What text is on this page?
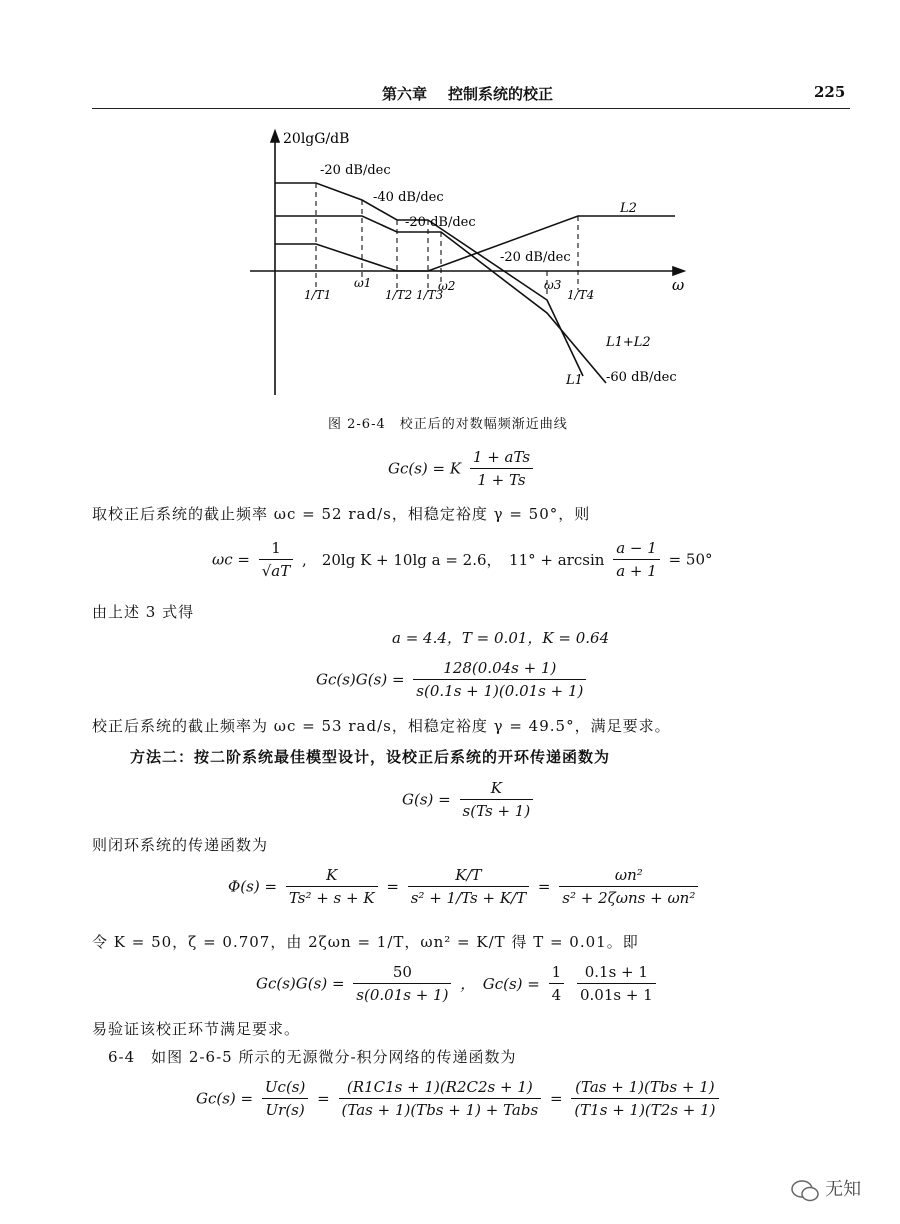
第六章 控制系统的校正	225
20lgG/dB
ω
-20 dB/dec
-40 dB/dec
-20 dB/dec
-20 dB/dec
-60 dB/dec
L2
L1+L2
L1
1/T1
ω1
1/T2 1/T3
ω2	ω3
1/T4
图 2-6-4　校正后的对数幅频渐近曲线
Gc(s) = K $\frac{\text{1 + aTs}}{1 + Ts}$
取校正后系统的截止频率 ωc = 52 rad/s，相稳定裕度 γ = 50°，则
$\omega c = \frac{1}{√aT}$ ,　20lg K + 10lg a = 2.6，　$11^\circ + \arcsin \frac{a - 1}{a + 1} = 50^\circ$
由上述 3 式得
a = 4.4，T = 0.01，K = 0.64
$Gc(s)G(s) = \frac{128(0.04s + 1)}{s(0.1s + 1)(0.01s + 1)}$
校正后系统的截止频率为 ωc = 53 rad/s，相稳定裕度 γ = 49.5°，满足要求。
方法二：按二阶系统最佳模型设计，设校正后系统的开环传递函数为
$G(s) = \frac{K}{s(Ts + 1)}$
则闭环系统的传递函数为
$\Phi(s) = \frac{K}{\text{Ts² + s + K}} = \frac{K/T}{\text{s² + 1/Ts + K/T}} = \frac{\text{ωn²}}{\text{s² + 2ζωns + ωn²}}$
令 K = 50，ζ = 0.707，由 2ζωn = 1/T，ωn² = K/T 得 T = 0.01。即
$Gc(s)G(s) = \frac{50}{s(0.01s + 1)}$ ，　$Gc(s) = \frac{1}{4}$
$\frac{0.1s + 1}{0.01s + 1}$
易验证该校正环节满足要求。
6-4　如图 2-6-5 所示的无源微分-积分网络的传递函数为
$Gc(s) = \frac{Uc(s)}{Ur(s)} = \frac{(R1C1s + 1)(R2C2s + 1)}{\text{(Tas + 1)(Tbs + 1) + Tabs}} = \frac{\text{(Tas + 1)(Tbs + 1)}}{(T1s + 1)(T2s + 1)}$
无知
